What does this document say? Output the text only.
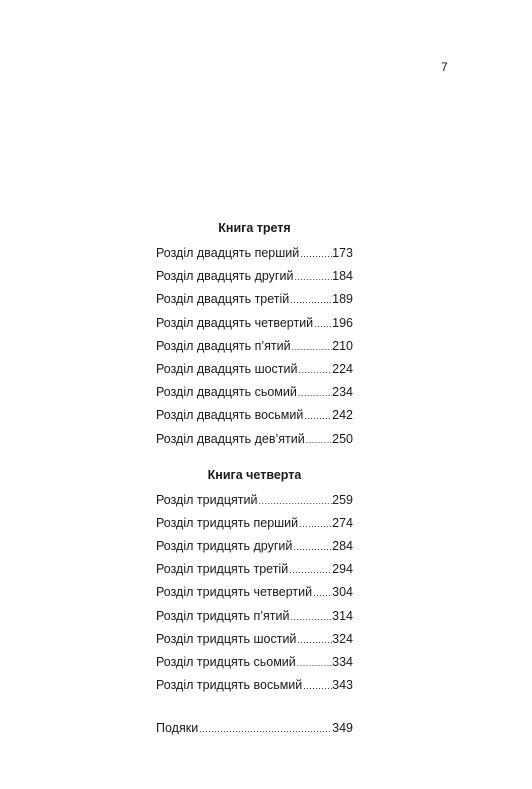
7
Книга третя
Розділ двадцять перший .....	173
Розділ двадцять другий .....	184
Розділ двадцять третій .....	189
Розділ двадцять четвертий ..... 196
Розділ двадцять п’ятий .....	210
Розділ двадцять шостий .....	224
Розділ двадцять сьомий .....	234
Розділ двадцять восьмий ..... 242
Розділ двадцять дев’ятий ..... 250
Книга четверта
Розділ тридцятий .....	259
Розділ тридцять перший .....	274
Розділ тридцять другий .....	284
Розділ тридцять третій .....	294
Розділ тридцять четвертий ..... 304
Розділ тридцять п’ятий .....	314
Розділ тридцять шостий .....	324
Розділ тридцять сьомий .....	334
Розділ тридцять восьмий ..... 343
Подяки .....	349
